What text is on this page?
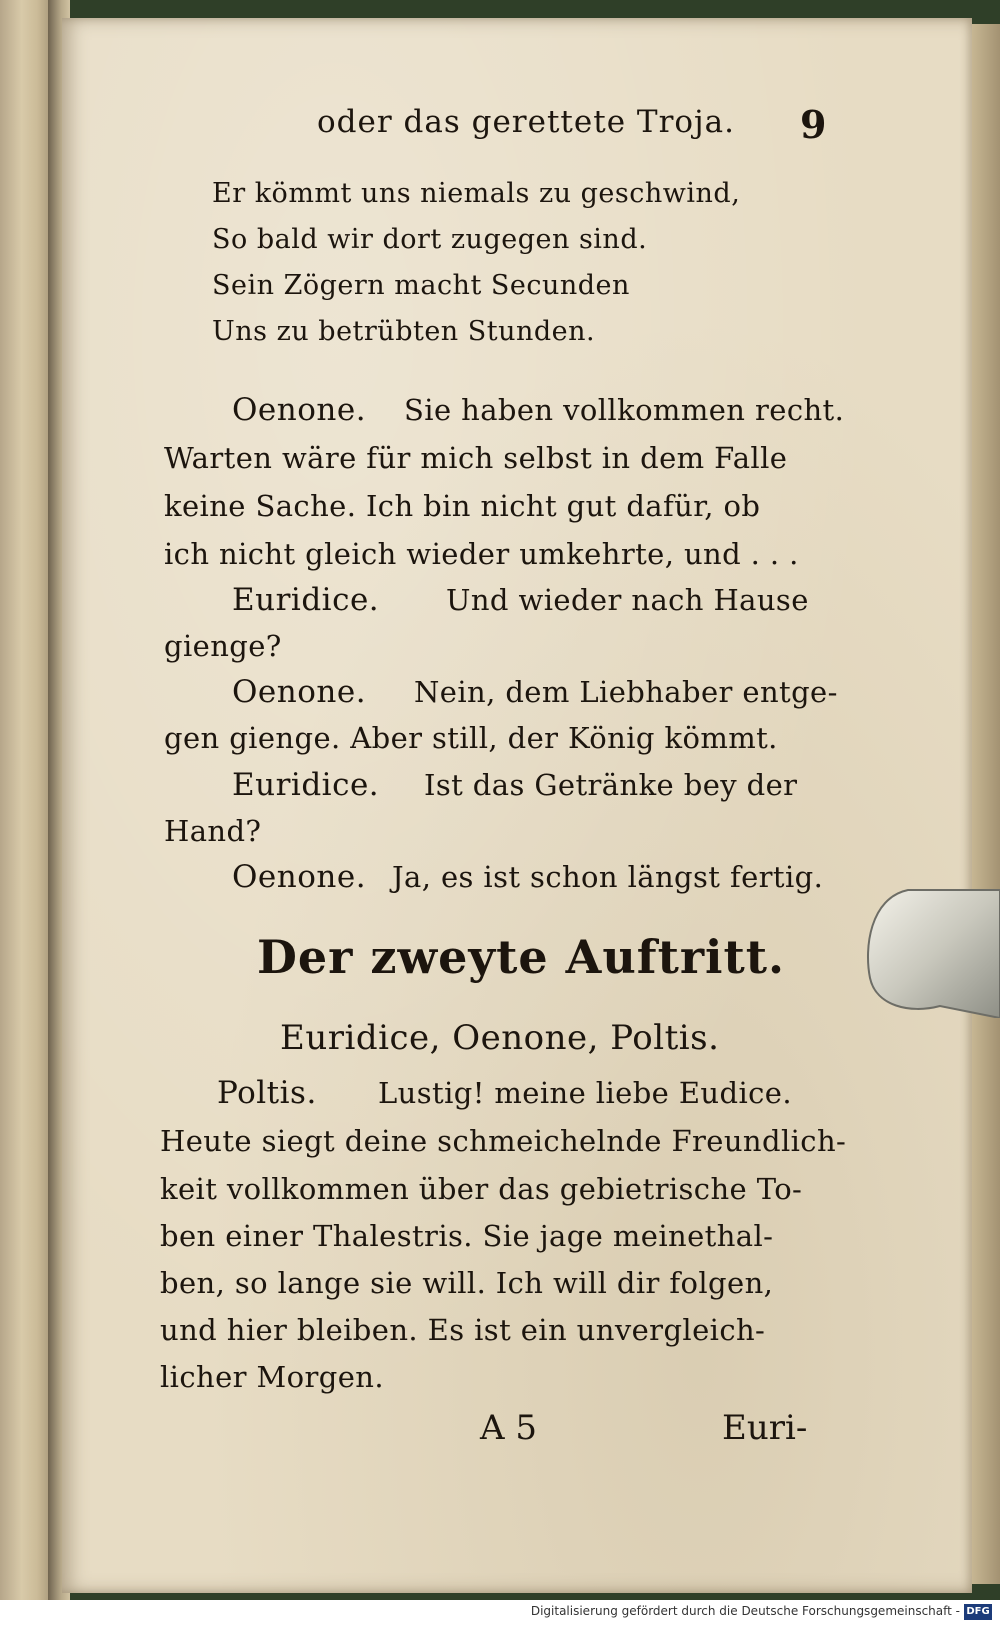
oder das gerettete Troja. 9
Er kömmt uns niemals zu geschwind,
So bald wir dort zugegen sind.
Sein Zögern macht Secunden
Uns zu betrübten Stunden.
Oenone. Sie haben vollkommen recht.
Warten wäre für mich selbst in dem Falle
keine Sache. Ich bin nicht gut dafür, ob
ich nicht gleich wieder umkehrte, und . . .
Euridice. Und wieder nach Hause
gienge?
Oenone. Nein, dem Liebhaber entge-
gen gienge. Aber still, der König kömmt.
Euridice. Ist das Getränke bey der
Hand?
Oenone. Ja, es ist schon längst fertig.
Der zweyte Auftritt.
Euridice, Oenone, Poltis.
Poltis. Lustig! meine liebe Eudice.
Heute siegt deine schmeichelnde Freundlich-
keit vollkommen über das gebietrische To-
ben einer Thalestris. Sie jage meinethal-
ben, so lange sie will. Ich will dir folgen,
und hier bleiben. Es ist ein unvergleich-
licher Morgen.
A 5	Euri-
Digitalisierung gefördert durch die Deutsche Forschungsgemeinschaft - DFG
